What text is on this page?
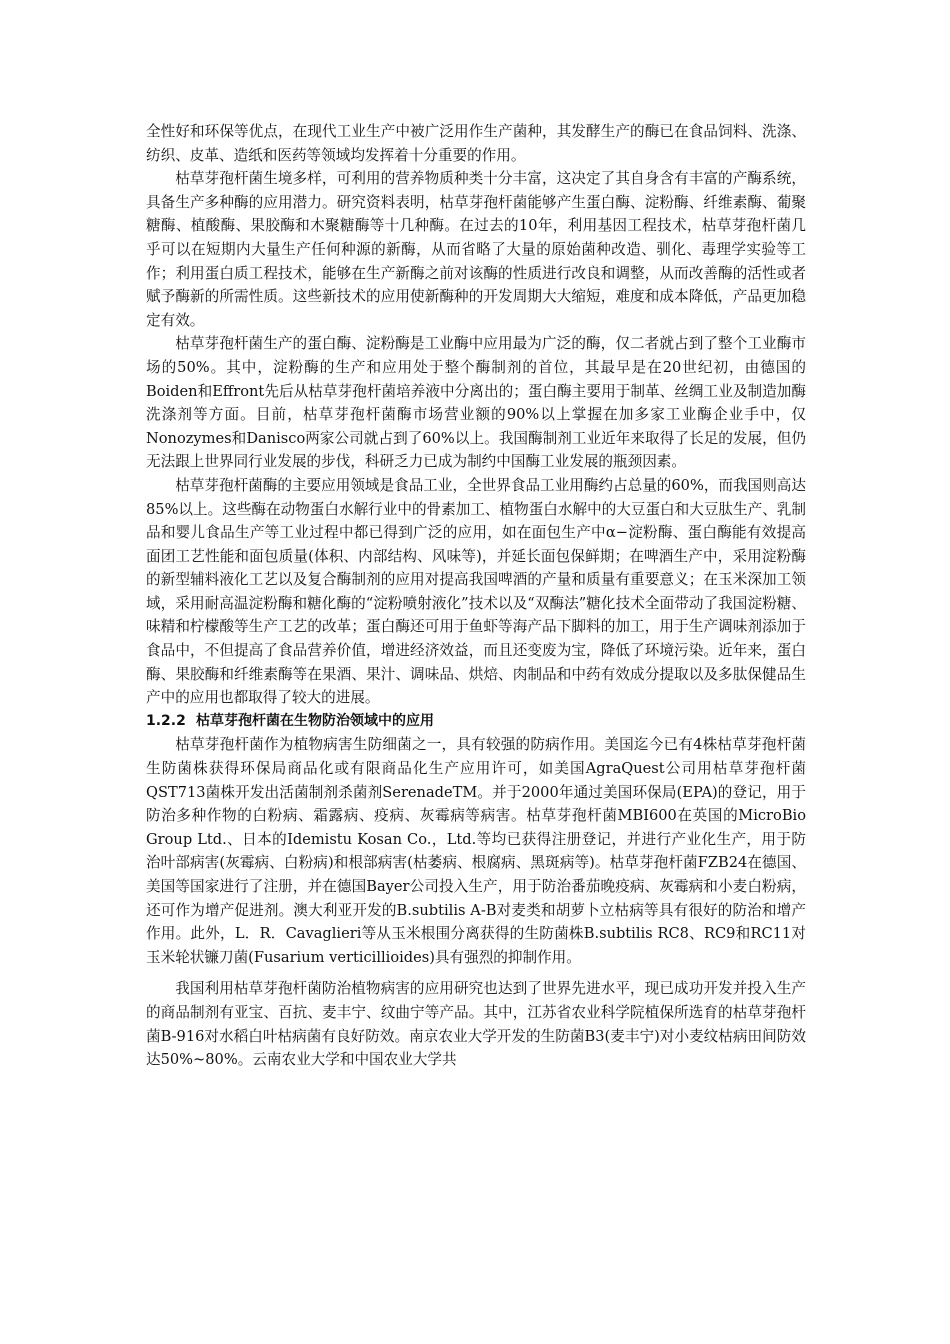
全性好和环保等优点，在现代工业生产中被广泛用作生产菌种，其发酵生产的酶已在食品饲料、洗涤、纺织、皮革、造纸和医药等领域均发挥着十分重要的作用。

枯草芽孢杆菌生境多样，可利用的营养物质种类十分丰富，这决定了其自身含有丰富的产酶系统，具备生产多种酶的应用潜力。研究资料表明，枯草芽孢杆菌能够产生蛋白酶、淀粉酶、纤维素酶、葡聚糖酶、植酸酶、果胶酶和木聚糖酶等十几种酶。在过去的10年，利用基因工程技术，枯草芽孢杆菌几乎可以在短期内大量生产任何种源的新酶，从而省略了大量的原始菌种改造、驯化、毒理学实验等工作；利用蛋白质工程技术，能够在生产新酶之前对该酶的性质进行改良和调整，从而改善酶的活性或者赋予酶新的所需性质。这些新技术的应用使新酶种的开发周期大大缩短，难度和成本降低，产品更加稳定有效。

枯草芽孢杆菌生产的蛋白酶、淀粉酶是工业酶中应用最为广泛的酶，仅二者就占到了整个工业酶市场的50%。其中，淀粉酶的生产和应用处于整个酶制剂的首位，其最早是在20世纪初，由德国的Boiden和Effront先后从枯草芽孢杆菌培养液中分离出的；蛋白酶主要用于制革、丝绸工业及制造加酶洗涤剂等方面。目前，枯草芽孢杆菌酶市场营业额的90%以上掌握在加多家工业酶企业手中，仅Nonozymes和Danisco两家公司就占到了60%以上。我国酶制剂工业近年来取得了长足的发展，但仍无法跟上世界同行业发展的步伐，科研乏力已成为制约中国酶工业发展的瓶颈因素。

枯草芽孢杆菌酶的主要应用领域是食品工业，全世界食品工业用酶约占总量的60%，而我国则高达85%以上。这些酶在动物蛋白水解行业中的骨素加工、植物蛋白水解中的大豆蛋白和大豆肽生产、乳制品和婴儿食品生产等工业过程中都已得到广泛的应用，如在面包生产中α−淀粉酶、蛋白酶能有效提高面团工艺性能和面包质量(体积、内部结构、风味等)，并延长面包保鲜期；在啤酒生产中，采用淀粉酶的新型辅料液化工艺以及复合酶制剂的应用对提高我国啤酒的产量和质量有重要意义；在玉米深加工领域，采用耐高温淀粉酶和糖化酶的“淀粉喷射液化”技术以及“双酶法”糖化技术全面带动了我国淀粉糖、味精和柠檬酸等生产工艺的改革；蛋白酶还可用于鱼虾等海产品下脚料的加工，用于生产调味剂添加于食品中，不但提高了食品营养价值，增进经济效益，而且还变废为宝，降低了环境污染。近年来，蛋白酶、果胶酶和纤维素酶等在果酒、果汁、调味品、烘焙、肉制品和中药有效成分提取以及多肽保健品生产中的应用也都取得了较大的进展。

1.2.2 枯草芽孢杆菌在生物防治领域中的应用

枯草芽孢杆菌作为植物病害生防细菌之一，具有较强的防病作用。美国迄今已有4株枯草芽孢杆菌生防菌株获得环保局商品化或有限商品化生产应用许可，如美国AgraQuest公司用枯草芽孢杆菌QST713菌株开发出活菌制剂杀菌剂SerenadeTM。并于2000年通过美国环保局(EPA)的登记，用于防治多种作物的白粉病、霜露病、疫病、灰霉病等病害。枯草芽孢杆菌MBI600在英国的MicroBio Group Ltd.、日本的Idemistu Kosan Co.，Ltd.等均已获得注册登记，并进行产业化生产，用于防治叶部病害(灰霉病、白粉病)和根部病害(枯萎病、根腐病、黑斑病等)。枯草芽孢杆菌FZB24在德国、美国等国家进行了注册，并在德国Bayer公司投入生产，用于防治番茄晚疫病、灰霉病和小麦白粉病，还可作为增产促进剂。澳大利亚开发的B.subtilis A-B对麦类和胡萝卜立枯病等具有很好的防治和增产作用。此外，L．R．Cavaglieri等从玉米根围分离获得的生防菌株B.subtilis RC8、RC9和RC11对玉米轮状镰刀菌(Fusarium verticillioides)具有强烈的抑制作用。

我国利用枯草芽孢杆菌防治植物病害的应用研究也达到了世界先进水平，现已成功开发并投入生产的商品制剂有亚宝、百抗、麦丰宁、纹曲宁等产品。其中，江苏省农业科学院植保所选育的枯草芽孢杆菌B-916对水稻白叶枯病菌有良好防效。南京农业大学开发的生防菌B3(麦丰宁)对小麦纹枯病田间防效达50%~80%。云南农业大学和中国农业大学共
